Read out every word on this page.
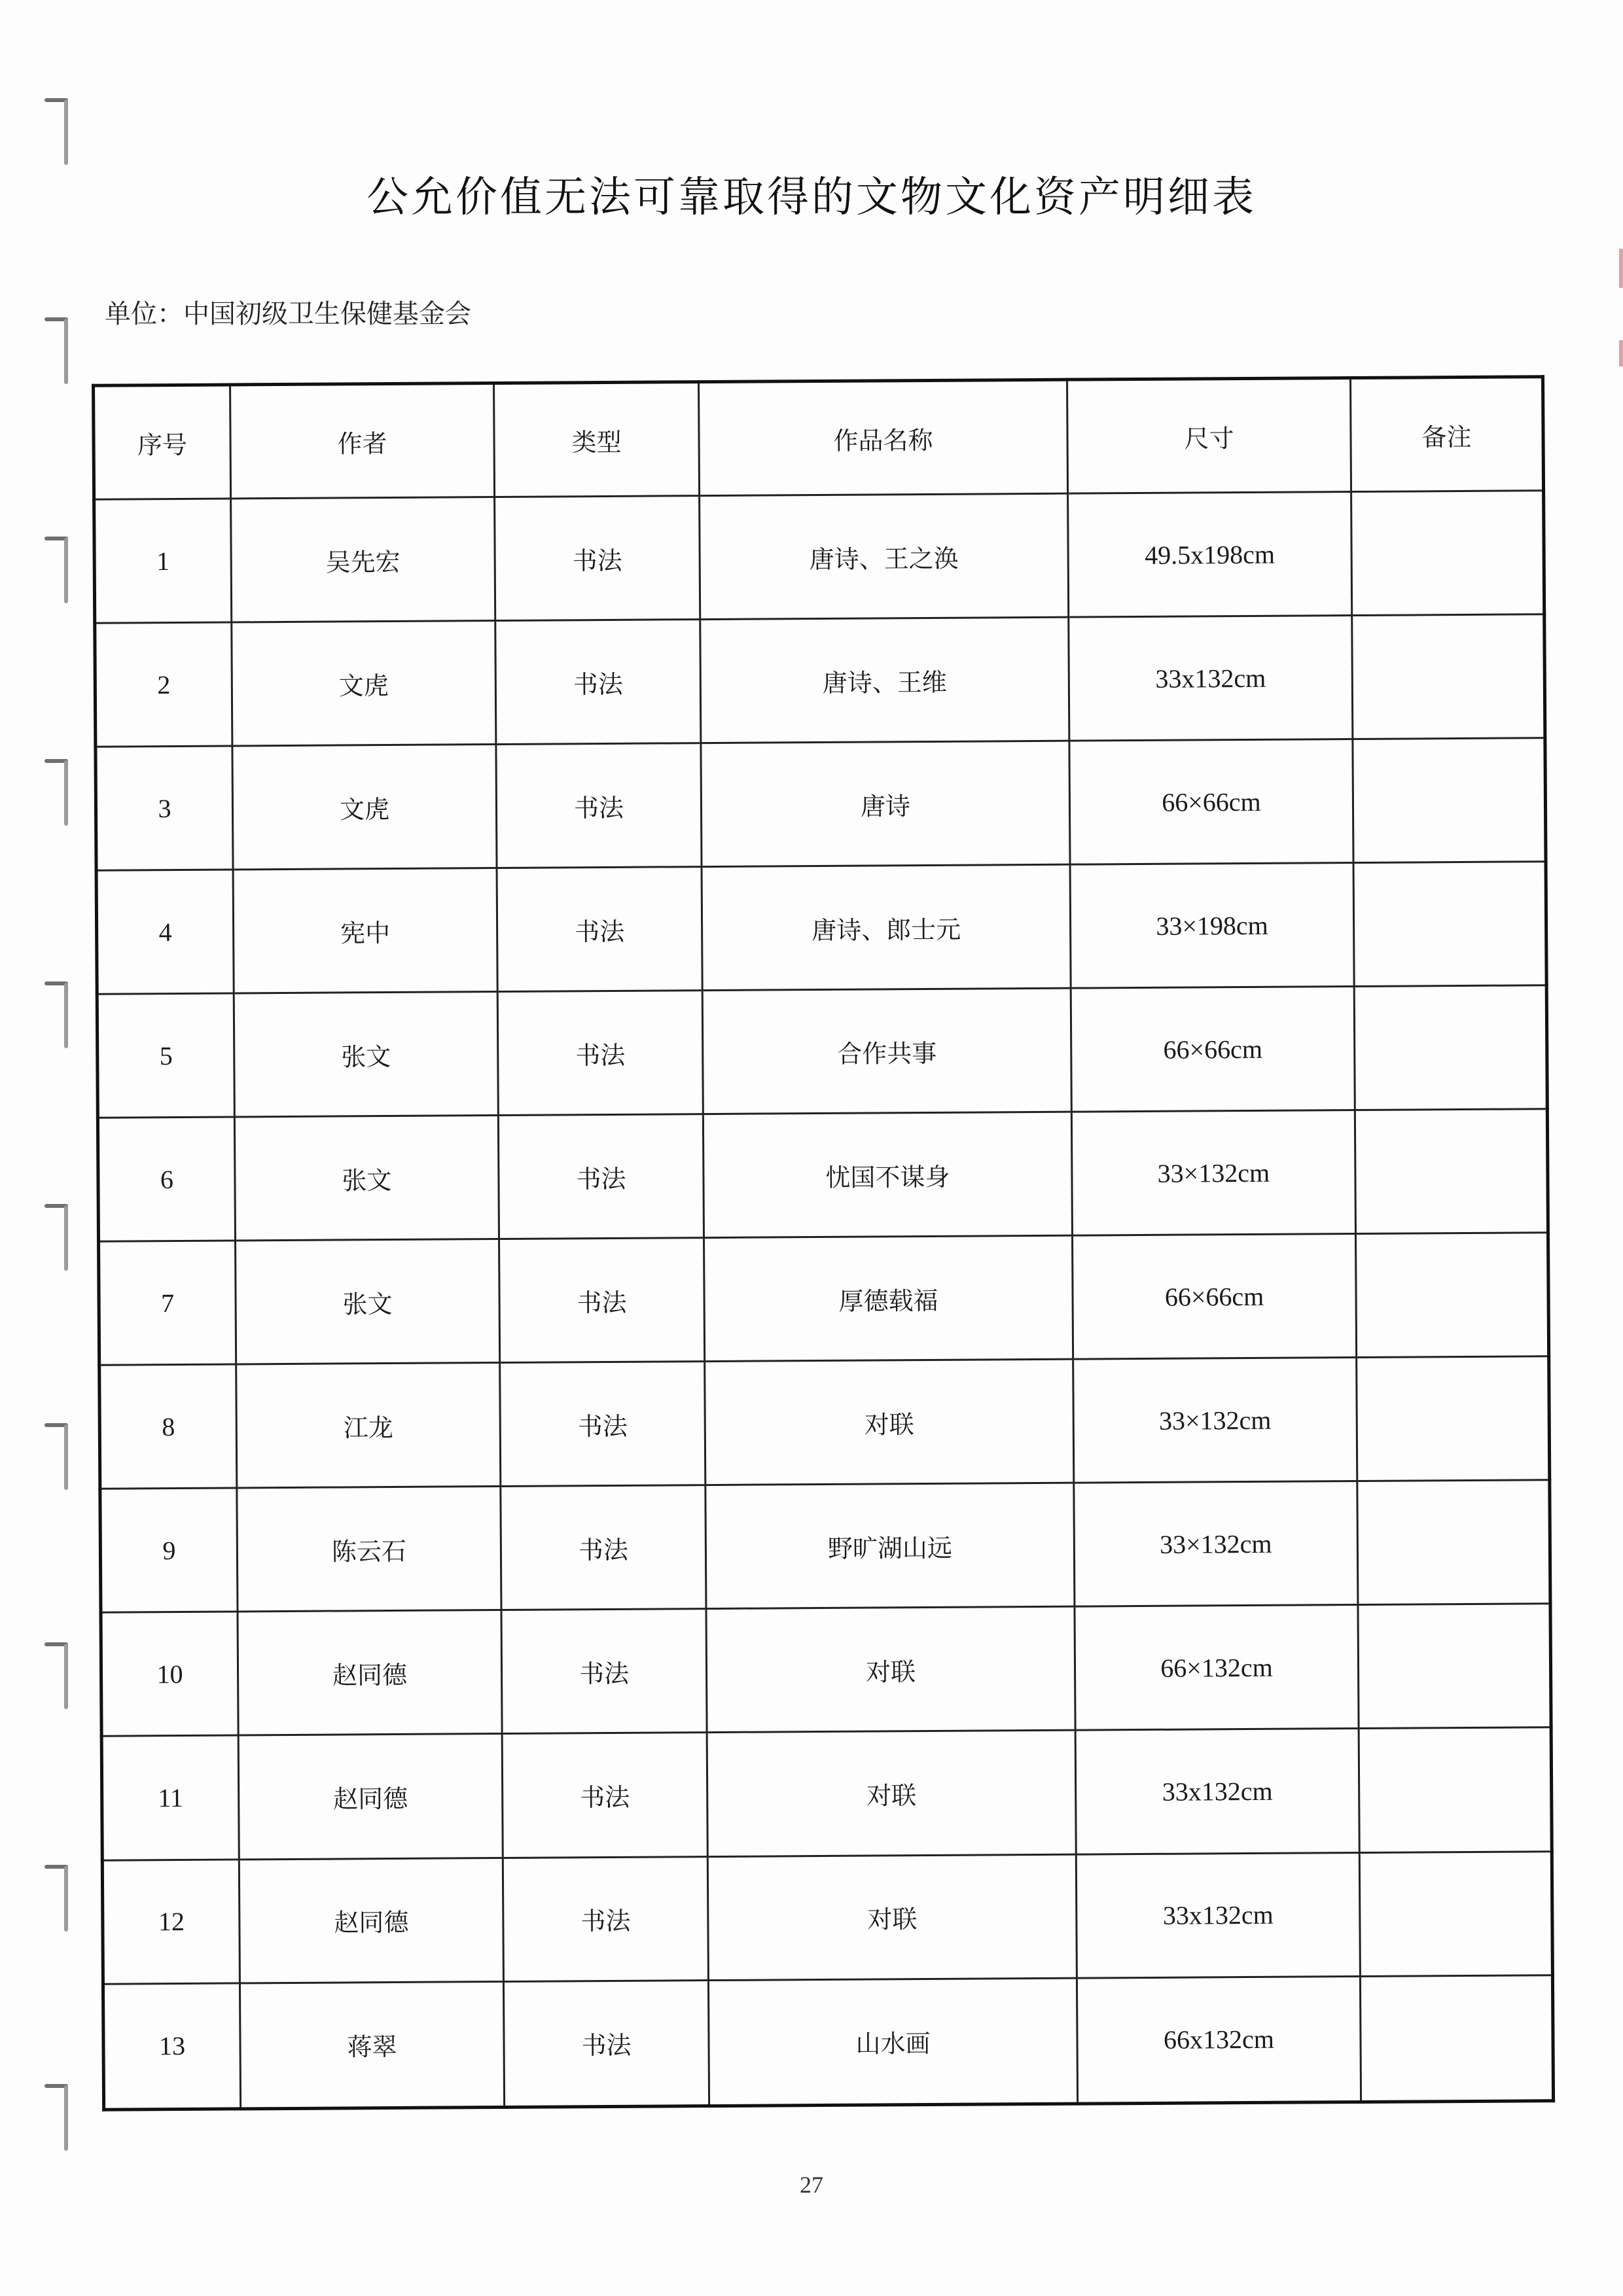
公允价值无法可靠取得的文物文化资产明细表
单位：中国初级卫生保健基金会
序号	作者	类型	作品名称	尺寸	备注
1	吴先宏	书法	唐诗、王之涣	49.5x198cm	
2	文虎	书法	唐诗、王维	33x132cm	
3	文虎	书法	唐诗	66×66cm	
4	宪中	书法	唐诗、郎士元	33×198cm	
5	张文	书法	合作共事	66×66cm	
6	张文	书法	忧国不谋身	33×132cm	
7	张文	书法	厚德载福	66×66cm	
8	江龙	书法	对联	33×132cm	
9	陈云石	书法	野旷湖山远	33×132cm	
10	赵同德	书法	对联	66×132cm	
11	赵同德	书法	对联	33x132cm	
12	赵同德	书法	对联	33x132cm	
13	蒋翠	书法	山水画	66x132cm	
27
